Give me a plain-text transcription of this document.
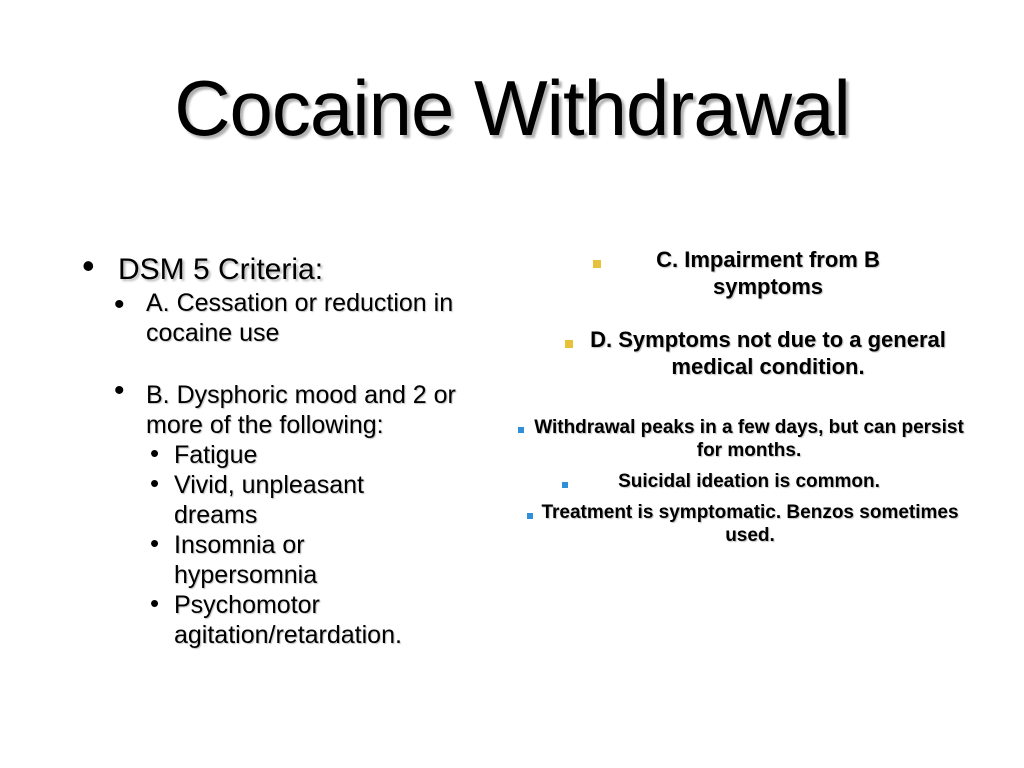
Cocaine Withdrawal
• DSM 5 Criteria:
• A. Cessation or reduction in cocaine use
• B. Dysphoric mood and 2 or more of the following:
• Fatigue
• Vivid, unpleasant dreams
• Insomnia or hypersomnia
• Psychomotor agitation/retardation.
C. Impairment from B symptoms
D. Symptoms not due to a general medical condition.
Withdrawal peaks in a few days, but can persist for months.
Suicidal ideation is common.
Treatment is symptomatic. Benzos sometimes used.
